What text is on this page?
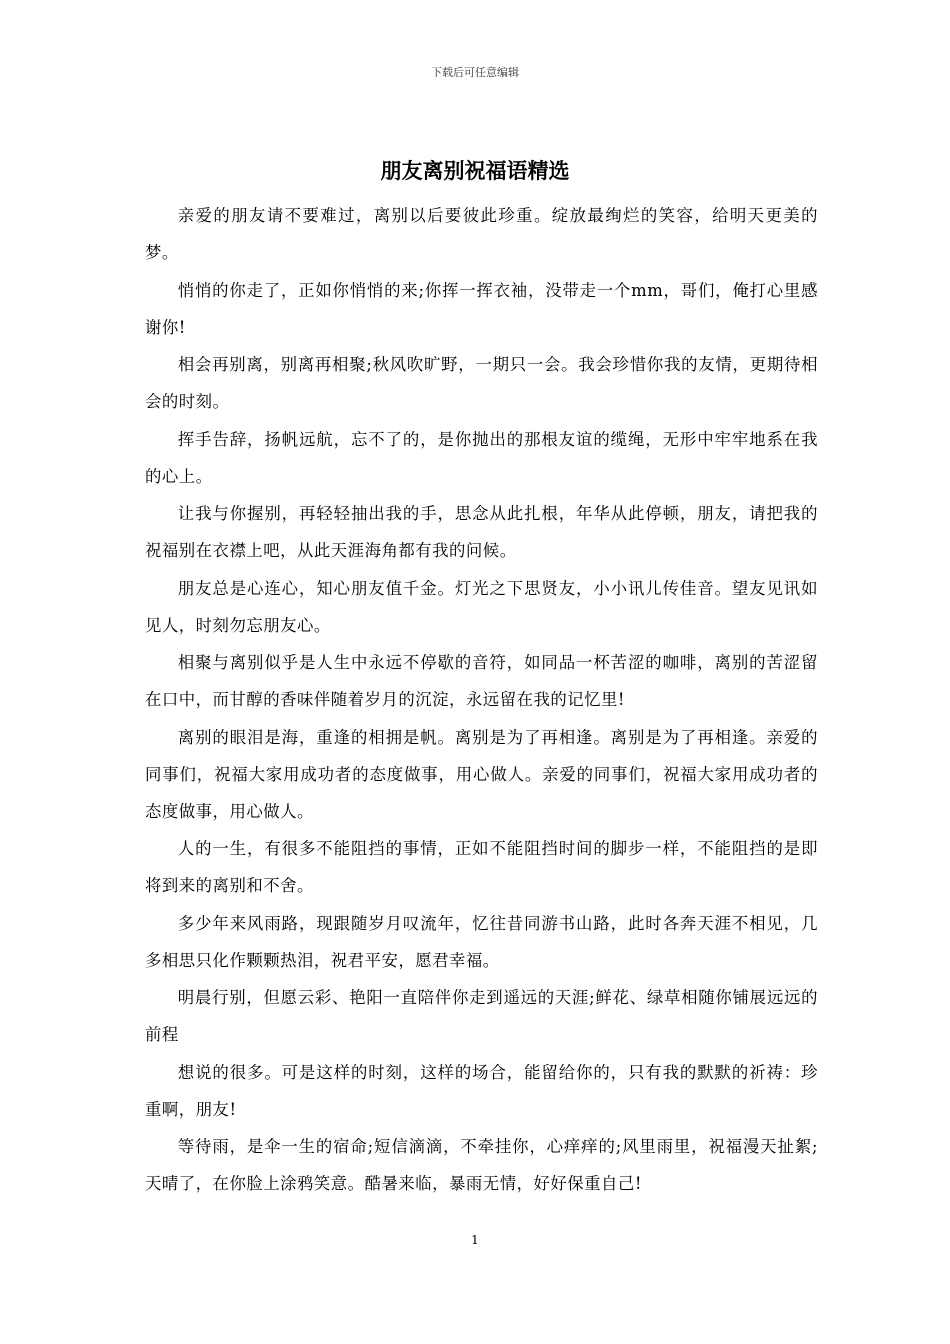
下载后可任意编辑
朋友离别祝福语精选

亲爱的朋友请不要难过，离别以后要彼此珍重。绽放最绚烂的笑容，给明天更美的梦。

悄悄的你走了，正如你悄悄的来;你挥一挥衣袖，没带走一个mm，哥们，俺打心里感谢你!

相会再别离，别离再相聚;秋风吹旷野，一期只一会。我会珍惜你我的友情，更期待相会的时刻。

挥手告辞，扬帆远航，忘不了的，是你抛出的那根友谊的缆绳，无形中牢牢地系在我的心上。

让我与你握别，再轻轻抽出我的手，思念从此扎根，年华从此停顿，朋友，请把我的祝福别在衣襟上吧，从此天涯海角都有我的问候。

朋友总是心连心，知心朋友值千金。灯光之下思贤友，小小讯儿传佳音。望友见讯如见人，时刻勿忘朋友心。

相聚与离别似乎是人生中永远不停歇的音符，如同品一杯苦涩的咖啡，离别的苦涩留在口中，而甘醇的香味伴随着岁月的沉淀，永远留在我的记忆里!

离别的眼泪是海，重逢的相拥是帆。离别是为了再相逢。离别是为了再相逢。亲爱的同事们，祝福大家用成功者的态度做事，用心做人。亲爱的同事们，祝福大家用成功者的态度做事，用心做人。

人的一生，有很多不能阻挡的事情，正如不能阻挡时间的脚步一样，不能阻挡的是即将到来的离别和不舍。

多少年来风雨路，现跟随岁月叹流年，忆往昔同游书山路，此时各奔天涯不相见，几多相思只化作颗颗热泪，祝君平安，愿君幸福。

明晨行别，但愿云彩、艳阳一直陪伴你走到遥远的天涯;鲜花、绿草相随你铺展远远的前程

想说的很多。可是这样的时刻，这样的场合，能留给你的，只有我的默默的祈祷：珍重啊，朋友!

等待雨，是伞一生的宿命;短信滴滴，不牵挂你，心痒痒的;风里雨里，祝福漫天扯絮;天晴了，在你脸上涂鸦笑意。酷暑来临，暴雨无情，好好保重自己!

1
